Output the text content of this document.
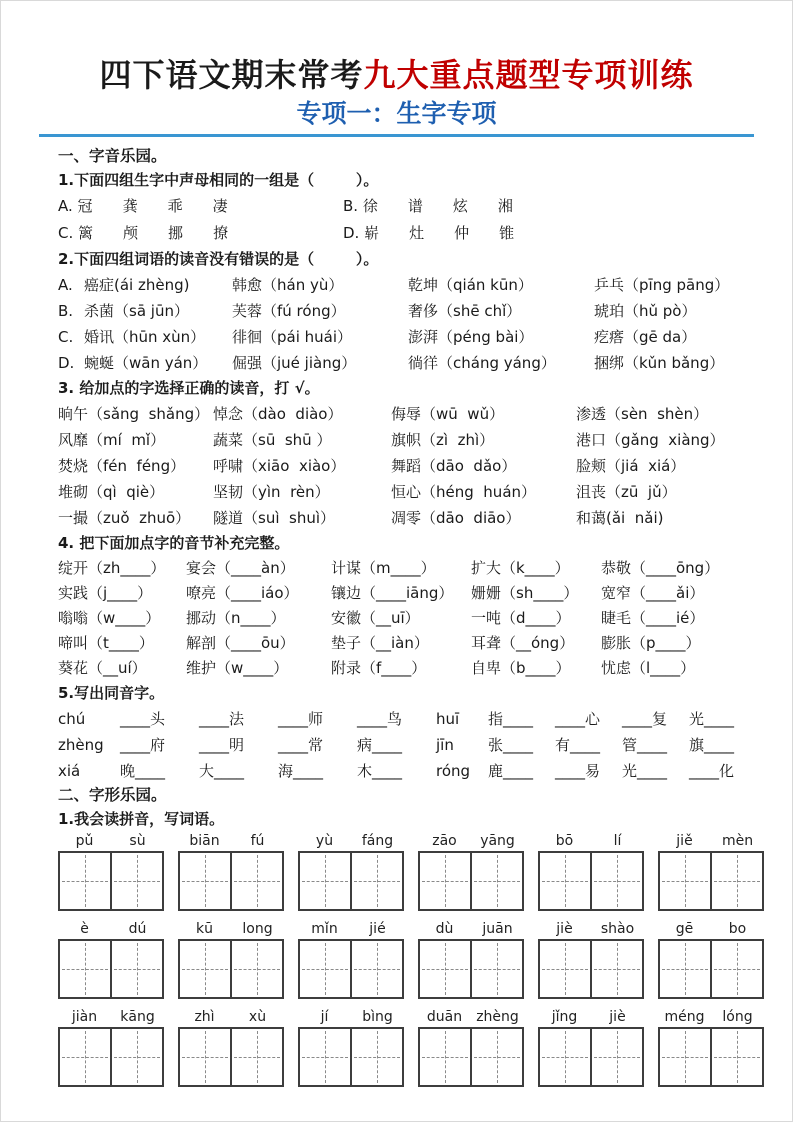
四下语文期末常考九大重点题型专项训练
专项一：生字专项
一、字音乐园。
1.下面四组生字中声母相同的一组是（        ）。
A. 冠 龚 乖 凄	B. 徐 谱 炫 湘
C. 篱 颅 挪 撩	D. 崭 灶 仲 锥
2.下面四组词语的读音没有错误的是（        ）。
A. 癌症(ái zhèng)	韩愈（hán yù）	乾坤（qián kūn）	乒乓（pīng pāng）
B. 杀菌（sā jūn）	芙蓉（fú róng）	奢侈（shē chǐ）	琥珀（hǔ pò）
C. 婚讯（hūn xùn）	徘徊（pái huái）	澎湃（péng bài）	疙瘩（gē da）
D. 蜿蜒（wān yán）	倔强（jué jiàng）	徜徉（cháng yáng）	捆绑（kǔn bǎng）
3. 给加点的字选择正确的读音，打 √。
晌午（sǎng  shǎng） 悼念（dào  diào）	侮辱（wū  wǔ）	渗透（sèn  shèn）
风靡（mí  mǐ）	蔬菜（sū  shū ）	旗帜（zì  zhì）	港口（gǎng  xiàng）
焚烧（fén  féng）	呼啸（xiāo  xiào）	舞蹈（dāo  dǎo）	脸颊（jiá  xiá）
堆砌（qì  qiè）	坚韧（yìn  rèn）	恒心（héng  huán）	沮丧（zū  jǔ）
一撮（zuǒ  zhuō）	隧道（suì  shuì）	凋零（dāo  diāo）	和蔼(ǎi  nǎi)
4. 把下面加点字的音节补充完整。
绽开（zh____）	宴会（____àn）	计谋（m____）	扩大（k____）	恭敬（____ōng）
实践（j____）	嘹亮（____iáo）	镶边（____iāng）	姗姗（sh____）	宽窄（____ǎi）
嗡嗡（w____）	挪动（n____）	安徽（__uī）	一吨（d____）	睫毛（____ié）
啼叫（t____）	解剖（____ōu）	垫子（__iàn）	耳聋（__óng）	膨胀（p____）
葵花（__uí）	维护（w____）	附录（f____）	自卑（b____）	忧虑（l____）
5.写出同音字。
chú	____头	____法	____师	____鸟	huī	指____	____心	____复	光____
zhèng	____府	____明	____常	病____	jīn	张____	有____	管____	旗____
xiá	晚____	大____	海____	木____	róng	鹿____	____易	光____	____化
二、字形乐园。
1.我会读拼音，写词语。
pǔ	sù	biān	fú	yù	fáng	zāo	yāng	bō	lí	jiě	mèn
è	dú	kū	long	mǐn	jié	dù	juān	jiè	shào	gē	bo
jiàn	kāng	zhì	xù	jí	bìng	duān	zhèng	jǐng	jiè	méng	lóng
